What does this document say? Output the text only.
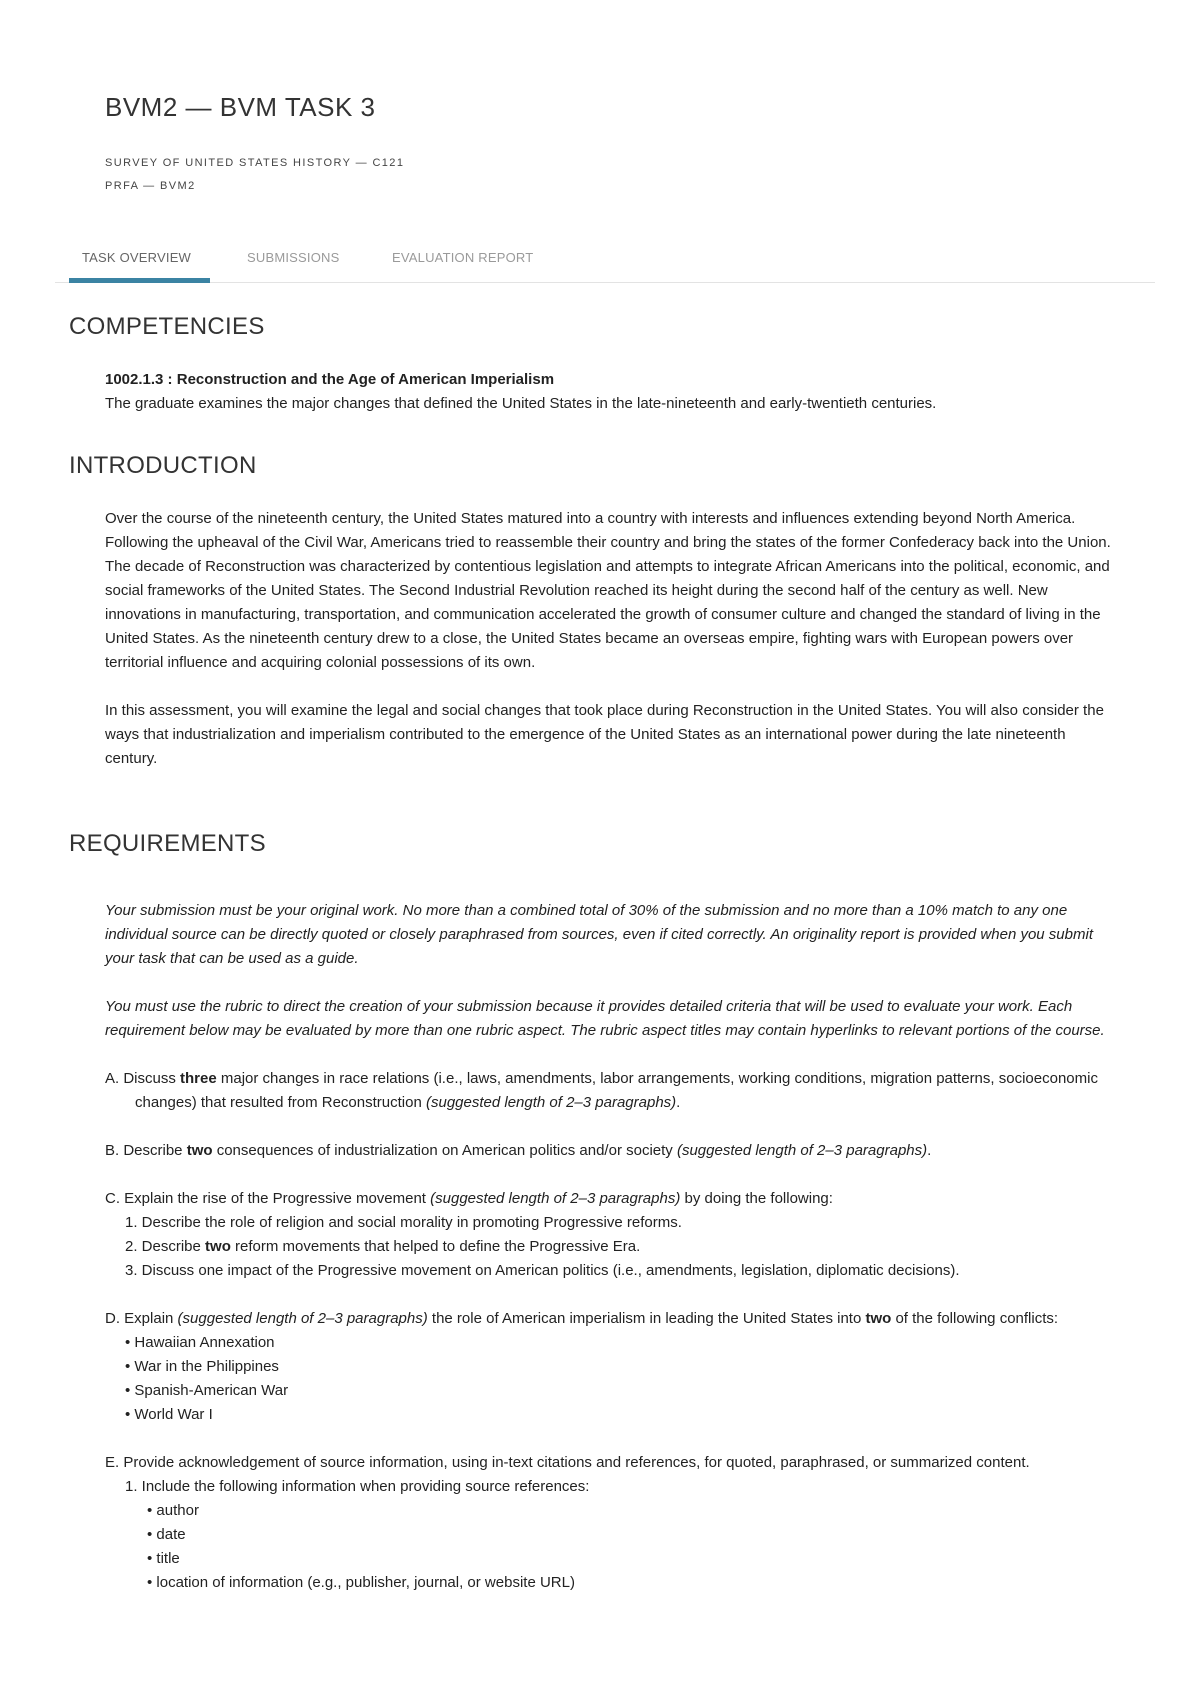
BVM2 — BVM TASK 3
SURVEY OF UNITED STATES HISTORY — C121
PRFA — BVM2
TASK OVERVIEW	SUBMISSIONS	EVALUATION REPORT
COMPETENCIES

1002.1.3 : Reconstruction and the Age of American Imperialism

The graduate examines the major changes that defined the United States in the late-nineteenth and early-twentieth centuries.

INTRODUCTION

Over the course of the nineteenth century, the United States matured into a country with interests and influences extending beyond North America. Following the upheaval of the Civil War, Americans tried to reassemble their country and bring the states of the former Confederacy back into the Union. The decade of Reconstruction was characterized by contentious legislation and attempts to integrate African Americans into the political, economic, and social frameworks of the United States. The Second Industrial Revolution reached its height during the second half of the century as well. New innovations in manufacturing, transportation, and communication accelerated the growth of consumer culture and changed the standard of living in the United States. As the nineteenth century drew to a close, the United States became an overseas empire, fighting wars with European powers over territorial influence and acquiring colonial possessions of its own.

In this assessment, you will examine the legal and social changes that took place during Reconstruction in the United States. You will also consider the ways that industrialization and imperialism contributed to the emergence of the United States as an international power during the late nineteenth century.

REQUIREMENTS

Your submission must be your original work. No more than a combined total of 30% of the submission and no more than a 10% match to any one individual source can be directly quoted or closely paraphrased from sources, even if cited correctly. An originality report is provided when you submit your task that can be used as a guide.

You must use the rubric to direct the creation of your submission because it provides detailed criteria that will be used to evaluate your work. Each requirement below may be evaluated by more than one rubric aspect. The rubric aspect titles may contain hyperlinks to relevant portions of the course.

A. Discuss three major changes in race relations (i.e., laws, amendments, labor arrangements, working conditions, migration patterns, socioeconomic changes) that resulted from Reconstruction (suggested length of 2–3 paragraphs).

B. Describe two consequences of industrialization on American politics and/or society (suggested length of 2–3 paragraphs).

C. Explain the rise of the Progressive movement (suggested length of 2–3 paragraphs) by doing the following:

1. Describe the role of religion and social morality in promoting Progressive reforms.

2. Describe two reform movements that helped to define the Progressive Era.

3. Discuss one impact of the Progressive movement on American politics (i.e., amendments, legislation, diplomatic decisions).

D. Explain (suggested length of 2–3 paragraphs) the role of American imperialism in leading the United States into two of the following conflicts:

• Hawaiian Annexation

• War in the Philippines

• Spanish-American War

• World War I

E. Provide acknowledgement of source information, using in-text citations and references, for quoted, paraphrased, or summarized content.

1. Include the following information when providing source references:

• author

• date

• title

• location of information (e.g., publisher, journal, or website URL)
